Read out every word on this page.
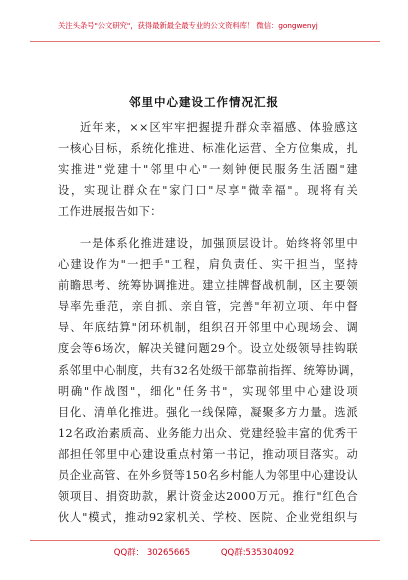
关注头条号"公文研究"，获得最新最全最专业的公文资料库！ 微信：gongwenyj
邻里中心建设工作情况汇报
近年来，××区牢牢把握提升群众幸福感、体验感这
一核心目标，系统化推进、标准化运营、全方位集成，扎
实推进"党建十"邻里中心"一刻钟便民服务生活圈"建
设，实现让群众在"家门口"尽享"微幸福"。现将有关
工作进展报告如下：
一是体系化推进建设，加强顶层设计。始终将邻里中
心建设作为"一把手"工程，肩负责任、实干担当，坚持
前瞻思考、统筹协调推进。建立挂牌督战机制，区主要领
导率先垂范，亲自抓、亲自管，完善"年初立项、年中督
导、年底结算"闭环机制，组织召开邻里中心现场会、调
度会等6场次，解决关键问题29个。设立处级领导挂钩联
系邻里中心制度，共有32名处级干部靠前指挥、统筹协调，
明确"作战图"，细化"任务书"，实现邻里中心建设项
目化、清单化推进。强化一线保障，凝聚多方力量。选派
12名政治素质高、业务能力出众、党建经验丰富的优秀干
部担任邻里中心建设重点村第一书记，推动项目落实。动
员企业高管、在外乡贤等150名乡村能人为邻里中心建设认
领项目、捐资助款，累计资金达2000万元。推行"红色合
伙人"模式，推动92家机关、学校、医院、企业党组织与
QQ群： 30265665	QQ群:535304092
